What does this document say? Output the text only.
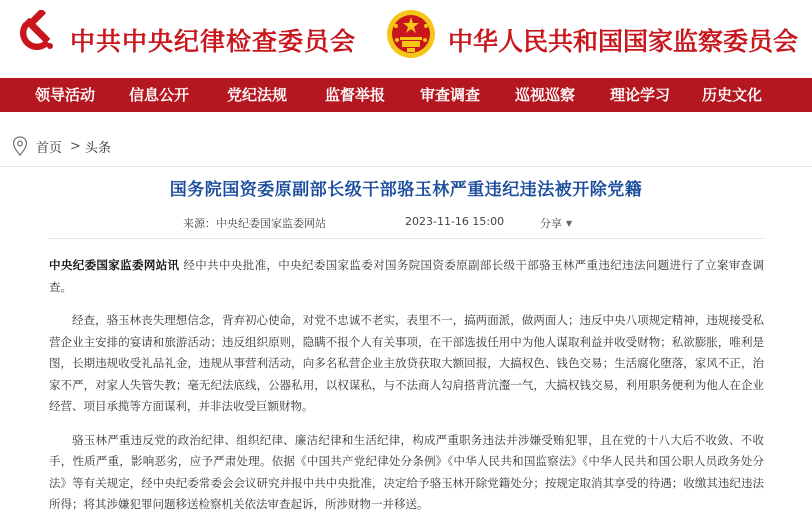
中共中央纪律检查委员会	中华人民共和国国家监察委员会
领导活动	信息公开	党纪法规	监督举报	审查调查	巡视巡察	理论学习	历史文化
首页 > 头条
国务院国资委原副部长级干部骆玉林严重违纪违法被开除党籍
来源：中央纪委国家监委网站	2023-11-16 15:00	分享 ▼

中央纪委国家监委网站讯 经中共中央批准，中央纪委国家监委对国务院国资委原副部长级干部骆玉林严重违纪违法问题进行了立案审查调查。

经查，骆玉林丧失理想信念，背弃初心使命，对党不忠诚不老实，表里不一，搞两面派，做两面人；违反中央八项规定精神，违规接受私营企业主安排的宴请和旅游活动；违反组织原则，隐瞒不报个人有关事项，在干部选拔任用中为他人谋取利益并收受财物；私欲膨胀，唯利是图，长期违规收受礼品礼金，违规从事营利活动，向多名私营企业主放贷获取大额回报，大搞权色、钱色交易；生活腐化堕落，家风不正，治家不严，对家人失管失教；毫无纪法底线，公器私用，以权谋私，与不法商人勾肩搭背沆瀣一气，大搞权钱交易，利用职务便利为他人在企业经营、项目承揽等方面谋利，并非法收受巨额财物。

骆玉林严重违反党的政治纪律、组织纪律、廉洁纪律和生活纪律，构成严重职务违法并涉嫌受贿犯罪，且在党的十八大后不收敛、不收手，性质严重，影响恶劣，应予严肃处理。依据《中国共产党纪律处分条例》《中华人民共和国监察法》《中华人民共和国公职人员政务处分法》等有关规定，经中央纪委常委会会议研究并报中共中央批准，决定给予骆玉林开除党籍处分；按规定取消其享受的待遇；收缴其违纪违法所得；将其涉嫌犯罪问题移送检察机关依法审查起诉，所涉财物一并移送。
